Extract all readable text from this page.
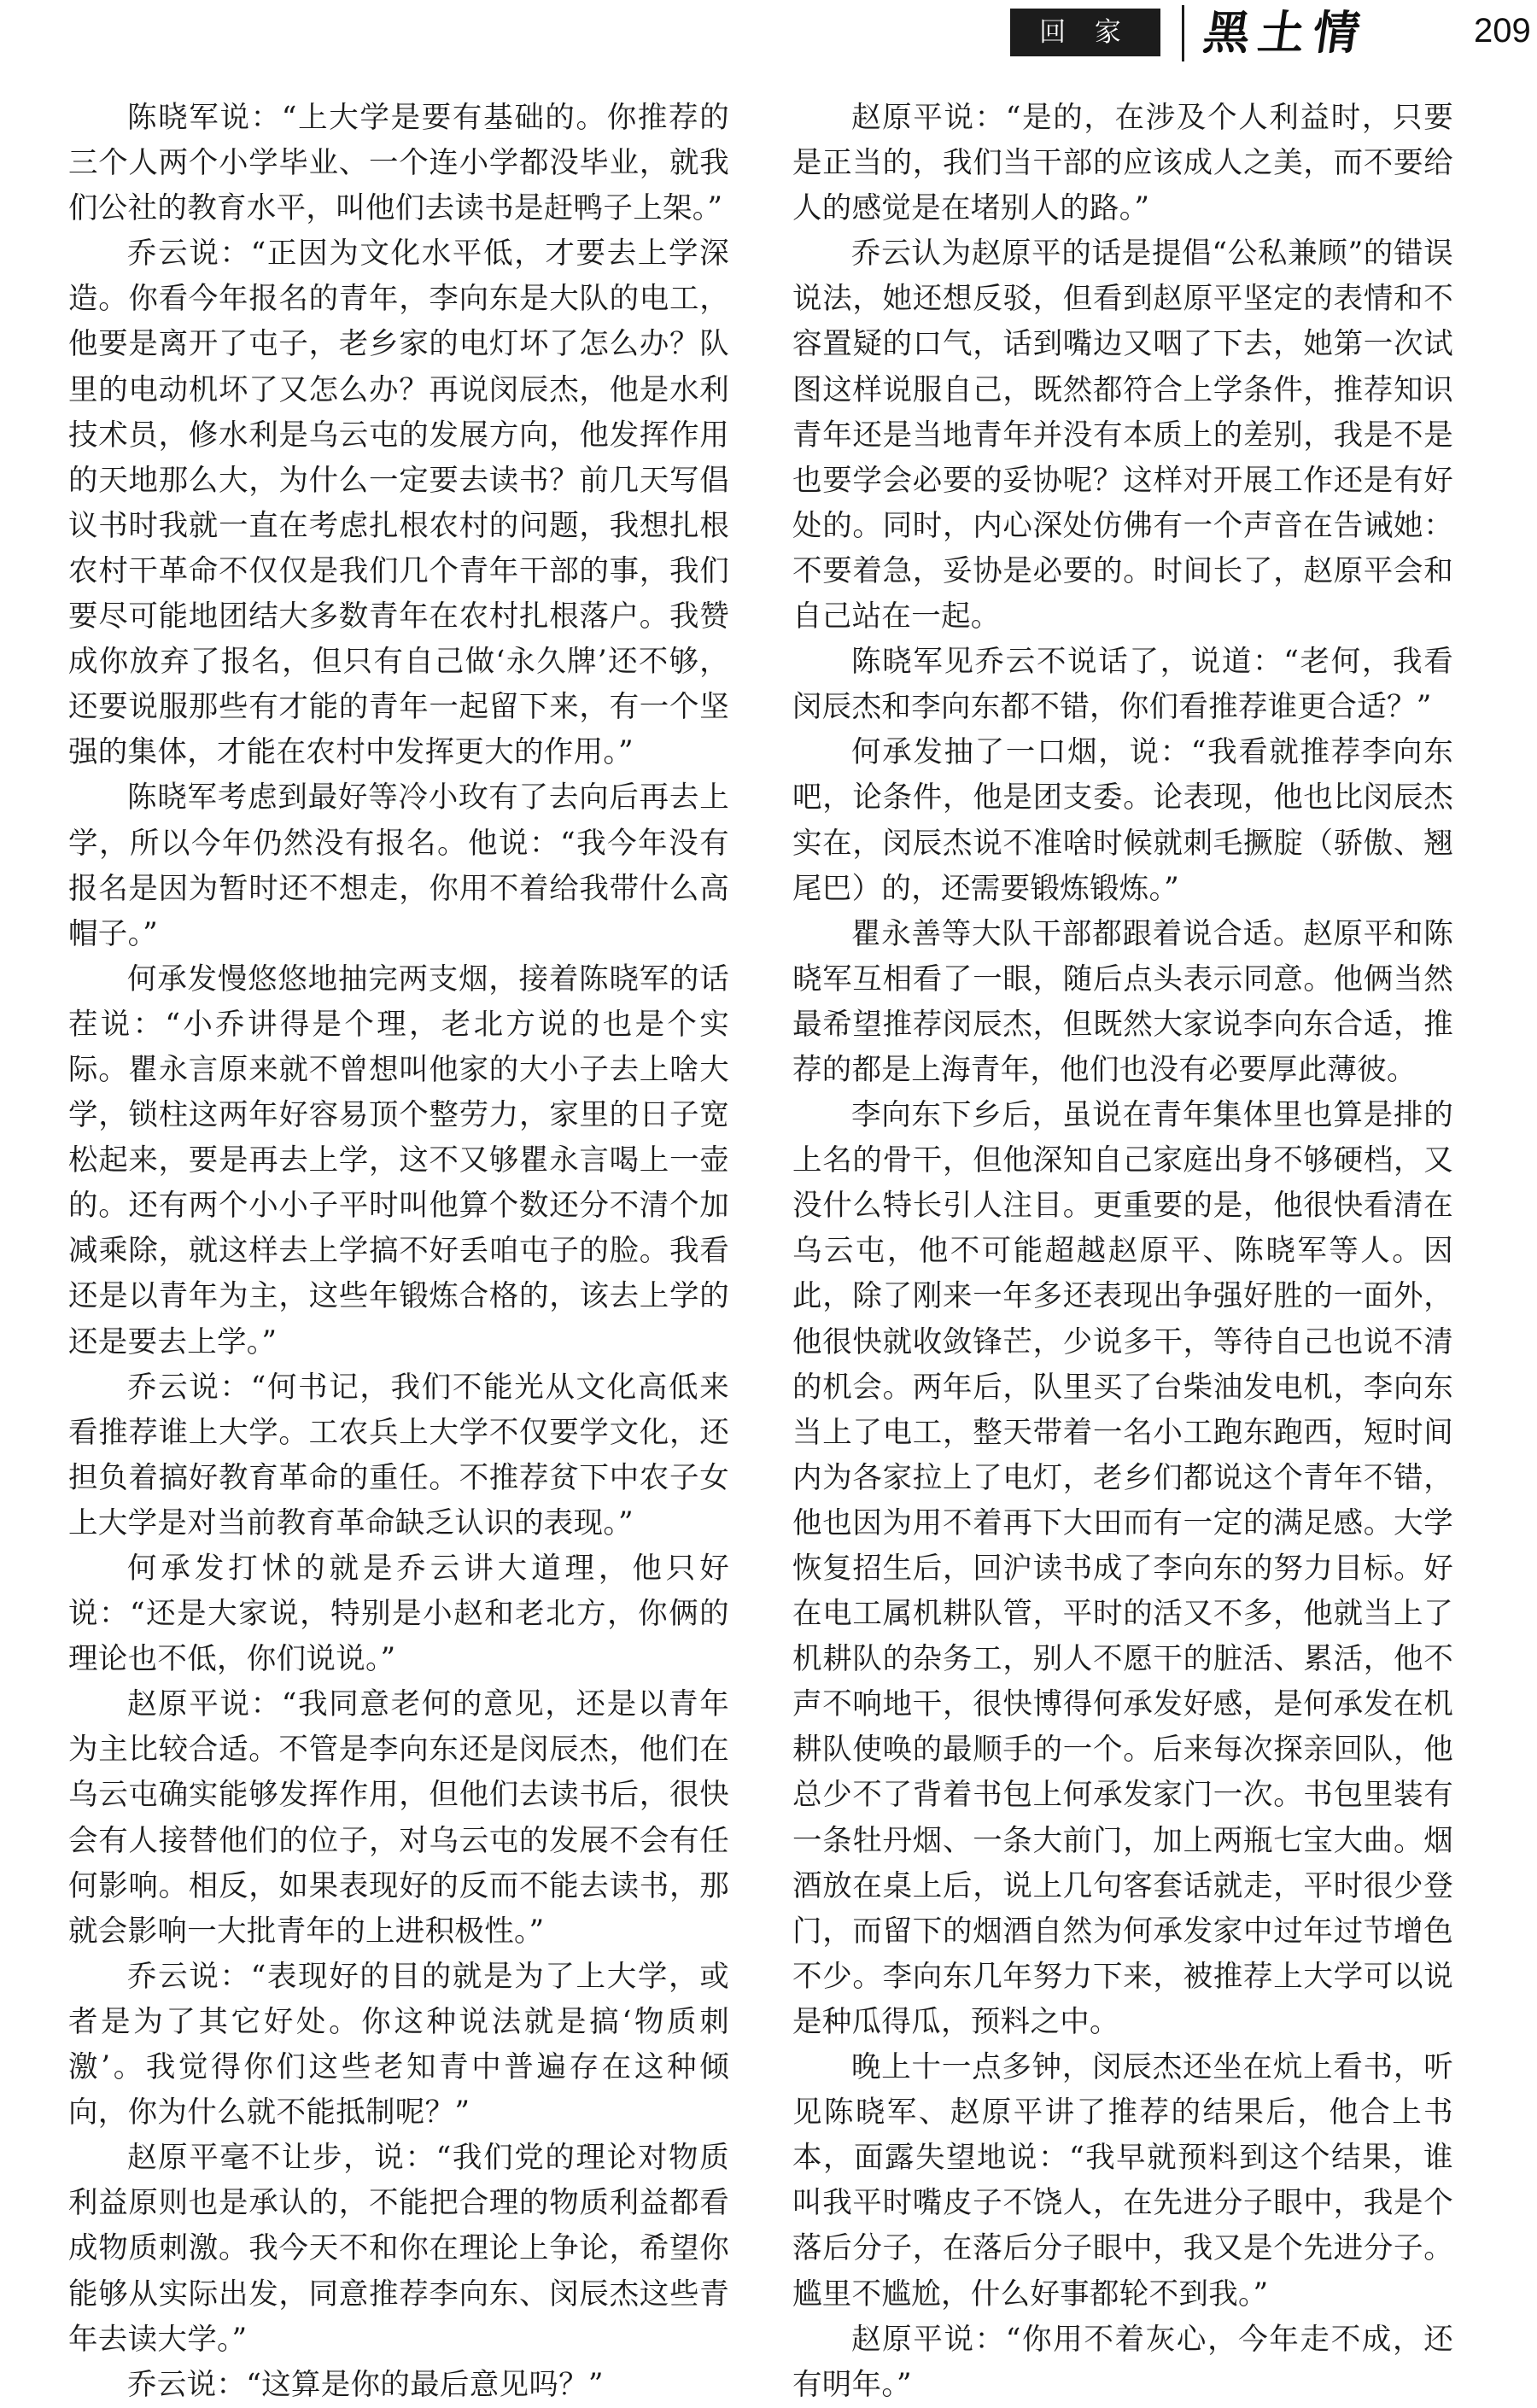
回 家	黑土情	209

陈晓军说：“上大学是要有基础的。你推荐的三个人两个小学毕业、一个连小学都没毕业，就我们公社的教育水平，叫他们去读书是赶鸭子上架。”

乔云说：“正因为文化水平低，才要去上学深造。你看今年报名的青年，李向东是大队的电工，他要是离开了屯子，老乡家的电灯坏了怎么办？队里的电动机坏了又怎么办？再说闵辰杰，他是水利技术员，修水利是乌云屯的发展方向，他发挥作用的天地那么大，为什么一定要去读书？前几天写倡议书时我就一直在考虑扎根农村的问题，我想扎根农村干革命不仅仅是我们几个青年干部的事，我们要尽可能地团结大多数青年在农村扎根落户。我赞成你放弃了报名，但只有自己做‘永久牌’还不够，还要说服那些有才能的青年一起留下来，有一个坚强的集体，才能在农村中发挥更大的作用。”

陈晓军考虑到最好等冷小玫有了去向后再去上学，所以今年仍然没有报名。他说：“我今年没有报名是因为暂时还不想走，你用不着给我带什么高帽子。”

何承发慢悠悠地抽完两支烟，接着陈晓军的话茬说：“小乔讲得是个理，老北方说的也是个实际。瞿永言原来就不曾想叫他家的大小子去上啥大学，锁柱这两年好容易顶个整劳力，家里的日子宽松起来，要是再去上学，这不又够瞿永言喝上一壶的。还有两个小小子平时叫他算个数还分不清个加减乘除，就这样去上学搞不好丢咱屯子的脸。我看还是以青年为主，这些年锻炼合格的，该去上学的还是要去上学。”

乔云说：“何书记，我们不能光从文化高低来看推荐谁上大学。工农兵上大学不仅要学文化，还担负着搞好教育革命的重任。不推荐贫下中农子女上大学是对当前教育革命缺乏认识的表现。”

何承发打怵的就是乔云讲大道理，他只好说：“还是大家说，特别是小赵和老北方，你俩的理论也不低，你们说说。”

赵原平说：“我同意老何的意见，还是以青年为主比较合适。不管是李向东还是闵辰杰，他们在乌云屯确实能够发挥作用，但他们去读书后，很快会有人接替他们的位子，对乌云屯的发展不会有任何影响。相反，如果表现好的反而不能去读书，那就会影响一大批青年的上进积极性。”

乔云说：“表现好的目的就是为了上大学，或者是为了其它好处。你这种说法就是搞‘物质刺激’。我觉得你们这些老知青中普遍存在这种倾向，你为什么就不能抵制呢？”

赵原平毫不让步，说：“我们党的理论对物质利益原则也是承认的，不能把合理的物质利益都看成物质刺激。我今天不和你在理论上争论，希望你能够从实际出发，同意推荐李向东、闵辰杰这些青年去读大学。”

乔云说：“这算是你的最后意见吗？”

赵原平说：“是的，在涉及个人利益时，只要是正当的，我们当干部的应该成人之美，而不要给人的感觉是在堵别人的路。”

乔云认为赵原平的话是提倡“公私兼顾”的错误说法，她还想反驳，但看到赵原平坚定的表情和不容置疑的口气，话到嘴边又咽了下去，她第一次试图这样说服自己，既然都符合上学条件，推荐知识青年还是当地青年并没有本质上的差别，我是不是也要学会必要的妥协呢？这样对开展工作还是有好处的。同时，内心深处仿佛有一个声音在告诫她：不要着急，妥协是必要的。时间长了，赵原平会和自己站在一起。

陈晓军见乔云不说话了，说道：“老何，我看闵辰杰和李向东都不错，你们看推荐谁更合适？”

何承发抽了一口烟，说：“我看就推荐李向东吧，论条件，他是团支委。论表现，他也比闵辰杰实在，闵辰杰说不准啥时候就刺毛撅腚（骄傲、翘尾巴）的，还需要锻炼锻炼。”

瞿永善等大队干部都跟着说合适。赵原平和陈晓军互相看了一眼，随后点头表示同意。他俩当然最希望推荐闵辰杰，但既然大家说李向东合适，推荐的都是上海青年，他们也没有必要厚此薄彼。

李向东下乡后，虽说在青年集体里也算是排的上名的骨干，但他深知自己家庭出身不够硬档，又没什么特长引人注目。更重要的是，他很快看清在乌云屯，他不可能超越赵原平、陈晓军等人。因此，除了刚来一年多还表现出争强好胜的一面外，他很快就收敛锋芒，少说多干，等待自己也说不清的机会。两年后，队里买了台柴油发电机，李向东当上了电工，整天带着一名小工跑东跑西，短时间内为各家拉上了电灯，老乡们都说这个青年不错，他也因为用不着再下大田而有一定的满足感。大学恢复招生后，回沪读书成了李向东的努力目标。好在电工属机耕队管，平时的活又不多，他就当上了机耕队的杂务工，别人不愿干的脏活、累活，他不声不响地干，很快博得何承发好感，是何承发在机耕队使唤的最顺手的一个。后来每次探亲回队，他总少不了背着书包上何承发家门一次。书包里装有一条牡丹烟、一条大前门，加上两瓶七宝大曲。烟酒放在桌上后，说上几句客套话就走，平时很少登门，而留下的烟酒自然为何承发家中过年过节增色不少。李向东几年努力下来，被推荐上大学可以说是种瓜得瓜，预料之中。

晚上十一点多钟，闵辰杰还坐在炕上看书，听见陈晓军、赵原平讲了推荐的结果后，他合上书本，面露失望地说：“我早就预料到这个结果，谁叫我平时嘴皮子不饶人，在先进分子眼中，我是个落后分子，在落后分子眼中，我又是个先进分子。尴里不尴尬，什么好事都轮不到我。”

赵原平说：“你用不着灰心，今年走不成，还有明年。”
